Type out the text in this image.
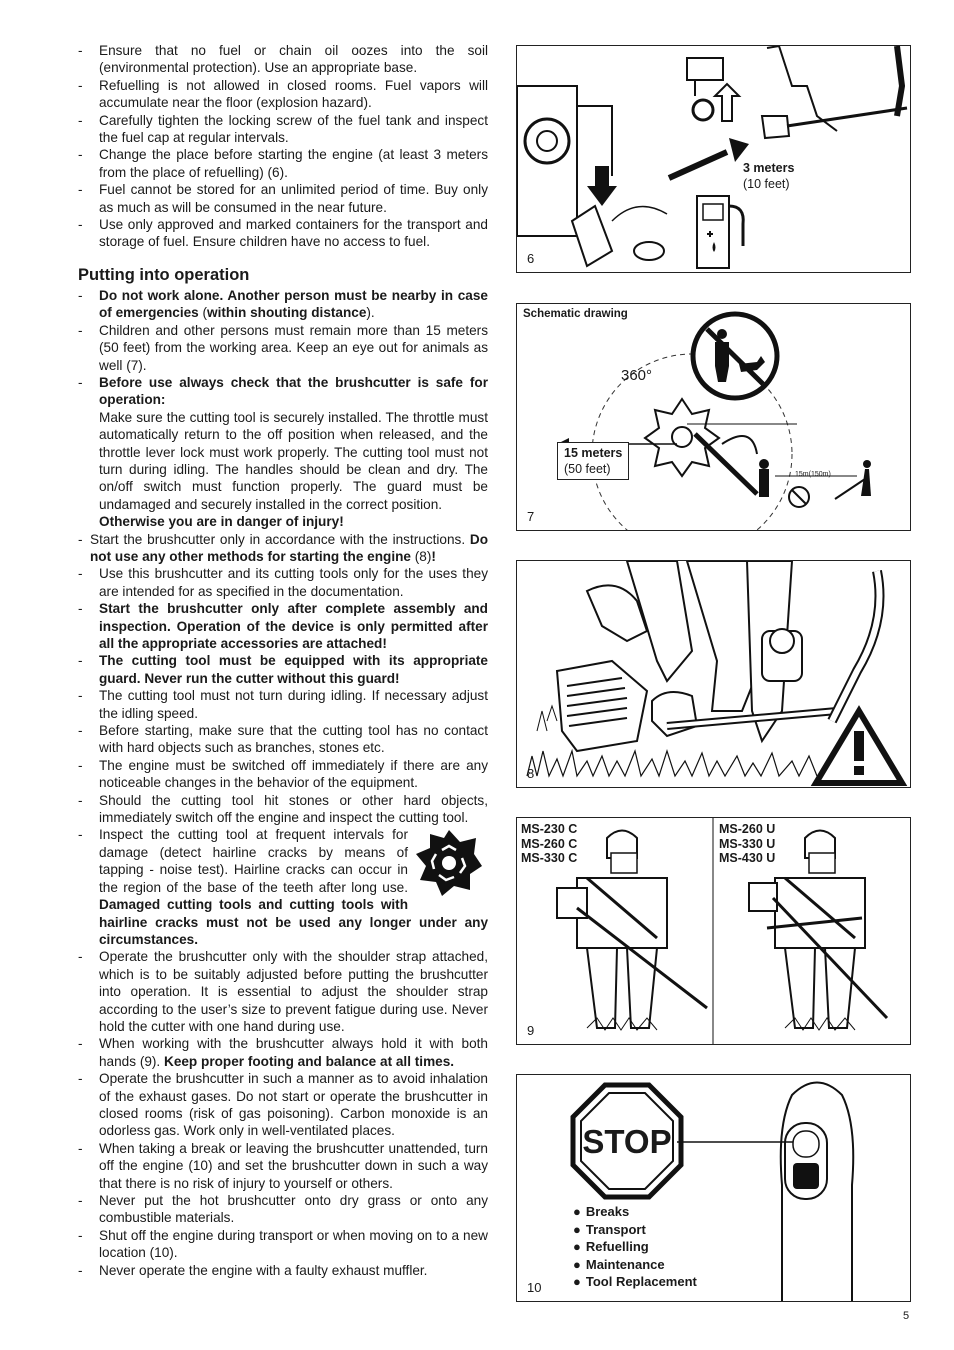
- Ensure that no fuel or chain oil oozes into the soil (environmental protection). Use an appropriate base.
- Refuelling is not allowed in closed rooms. Fuel vapors will accumulate near the floor (explosion hazard).
- Carefully tighten the locking screw of the fuel tank and inspect the fuel cap at regular intervals.
- Change the place before starting the engine (at least 3 meters from the place of refuelling) (6).
- Fuel cannot be stored for an unlimited period of time. Buy only as much as will be consumed in the near future.
- Use only approved and marked containers for the transport and storage of fuel. Ensure children have no access to fuel.
Putting into operation
- Do not work alone. Another person must be nearby in case of emergencies (within shouting distance).
- Children and other persons must remain more than 15 meters (50 feet) from the working area. Keep an eye out for animals as well (7).
- Before use always check that the brushcutter is safe for operation:
Make sure the cutting tool is securely installed. The throttle must automatically return to the off position when released, and the throttle lever lock must work properly. The cutting tool must not turn during idling. The handles should be clean and dry. The on/off switch must function properly. The guard must be undamaged and securely installed in the correct position.
Otherwise you are in danger of injury!
- Start the brushcutter only in accordance with the instructions. Do not use any other methods for starting the engine (8)!
- Use this brushcutter and its cutting tools only for the uses they are intended for as specified in the documentation.
- Start the brushcutter only after complete assembly and inspection. Operation of the device is only permitted after all the appropriate accessories are attached!
- The cutting tool must be equipped with its appropriate guard. Never run the cutter without this guard!
- The cutting tool must not turn during idling. If necessary adjust the idling speed.
- Before starting, make sure that the cutting tool has no contact with hard objects such as branches, stones etc.
- The engine must be switched off immediately if there are any noticeable changes in the behavior of the equipment.
- Should the cutting tool hit stones or other hard objects, immediately switch off the engine and inspect the cutting tool.
- Inspect the cutting tool at frequent intervals for damage (detect hairline cracks by means of tapping - noise test). Hairline cracks can occur in the region of the base of the teeth after long use. Damaged cutting tools and cutting tools with hairline cracks must not be used any longer under any circumstances.
- Operate the brushcutter only with the shoulder strap attached, which is to be suitably adjusted before putting the brushcutter into operation. It is essential to adjust the shoulder strap according to the user’s size to prevent fatigue during use. Never hold the cutter with one hand during use.
- When working with the brushcutter always hold it with both hands (9). Keep proper footing and balance at all times.
- Operate the brushcutter in such a manner as to avoid inhalation of the exhaust gases. Do not start or operate the brushcutter in closed rooms (risk of gas poisoning). Carbon monoxide is an odorless gas. Work only in well-ventilated places.
- When taking a break or leaving the brushcutter unattended, turn off the engine (10) and set the brushcutter down in such a way that there is no risk of injury to yourself or others.
- Never put the hot brushcutter onto dry grass or onto any combustible materials.
- Shut off the engine during transport or when moving on to a new location (10).
- Never operate the engine with a faulty exhaust muffler.
3 meters
(10 feet)
6
Schematic drawing
360°
15 meters
(50 feet)	15m(150m)
7
8
MS-230 C
MS-260 C
MS-330 C
MS-260 U
MS-330 U
MS-430 U
9
STOP
● Breaks
● Transport
● Refuelling
● Maintenance
● Tool Replacement
10
5
